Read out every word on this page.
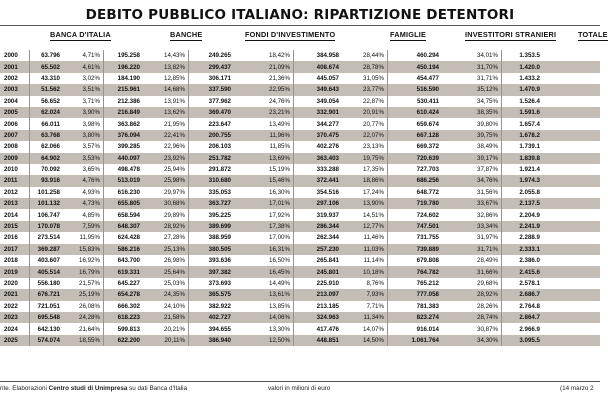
DEBITO PUBBLICO ITALIANO: RIPARTIZIONE DETENTORI
BANCA D'ITALIA	BANCHE	FONDI D'INVESTIMENTO	FAMIGLIE	INVESTITORI STRANIERI	TOTALE
2000	63.796	4,71%	195.258	14,43%	249.265	18,42%	384.958	28,44%	460.294	34,01%	1.353.5
2001	65.502	4,61%	196.220	13,82%	299.437	21,09%	408.674	28,78%	450.194	31,70%	1.420.0
2002	43.310	3,02%	184.190	12,85%	306.171	21,36%	445.057	31,05%	454.477	31,71%	1.433.2
2003	51.562	3,51%	215.961	14,68%	337.590	22,95%	349.643	23,77%	516.590	35,12%	1.470.9
2004	56.652	3,71%	212.386	13,91%	377.962	24,76%	349.054	22,87%	530.411	34,75%	1.526.4
2005	62.024	3,90%	216.849	13,62%	369.470	23,21%	332.901	20,91%	610.424	38,35%	1.591.6
2006	66.011	3,98%	363.862	21,95%	223.647	13,49%	344.277	20,77%	659.674	39,80%	1.657.4
2007	63.768	3,80%	376.094	22,41%	200.755	11,96%	370.475	22,07%	667.128	39,75%	1.678.2
2008	62.066	3,57%	399.285	22,96%	206.103	11,85%	402.276	23,13%	669.372	38,49%	1.739.1
2009	64.902	3,53%	440.097	23,92%	251.782	13,69%	363.403	19,75%	720.639	39,17%	1.839.8
2010	70.092	3,65%	498.478	25,94%	291.872	15,19%	333.288	17,35%	727.703	37,87%	1.921.4
2011	93.916	4,76%	513.019	25,98%	310.680	15,46%	372.441	18,86%	686.256	34,76%	1.974.3
2012	101.258	4,93%	616.230	29,97%	335.053	16,30%	354.516	17,24%	648.772	31,56%	2.055.8
2013	101.132	4,73%	655.805	30,68%	363.727	17,01%	297.106	13,90%	719.780	33,67%	2.137.5
2014	106.747	4,85%	658.594	29,89%	395.225	17,92%	319.937	14,51%	724.602	32,86%	2.204.9
2015	170.078	7,59%	648.307	28,92%	389.699	17,38%	286.344	12,77%	747.501	33,34%	2.241.9
2016	273.514	11,95%	624.428	27,28%	388.959	17,00%	262.344	11,46%	731.755	31,97%	2.288.9
2017	369.287	15,83%	586.216	25,13%	380.505	16,31%	257.230	11,03%	739.889	31,71%	2.333.1
2018	403.607	16,92%	643.700	26,98%	393.636	16,50%	265.841	11,14%	679.808	28,49%	2.386.0
2019	405.514	16,79%	619.331	25,64%	397.382	16,45%	245.801	10,18%	764.782	31,66%	2.415.6
2020	556.180	21,57%	645.227	25,03%	373.693	14,49%	225.910	8,76%	765.212	29,68%	2.578.1
2021	676.721	25,19%	654.278	24,35%	365.575	13,61%	213.097	7,93%	777.058	28,92%	2.686.7
2022	721.051	26,08%	666.302	24,10%	382.922	13,85%	213.185	7,71%	781.383	28,26%	2.764.8
2023	695.548	24,28%	618.223	21,58%	402.727	14,06%	324.963	11,34%	823.274	28,74%	2.864.7
2024	642.130	21,64%	599.813	20,21%	394.655	13,30%	417.476	14,07%	916.014	30,87%	2.966.9
2025	574.074	18,55%	622.200	20,11%	386.940	12,50%	448.851	14,50%	1.061.764	34,30%	3.095.5
nte. Elaborazioni Centro studi di Unimpresa su dati Banca d'Italia	valori in milioni di euro	(14 marzo 2
